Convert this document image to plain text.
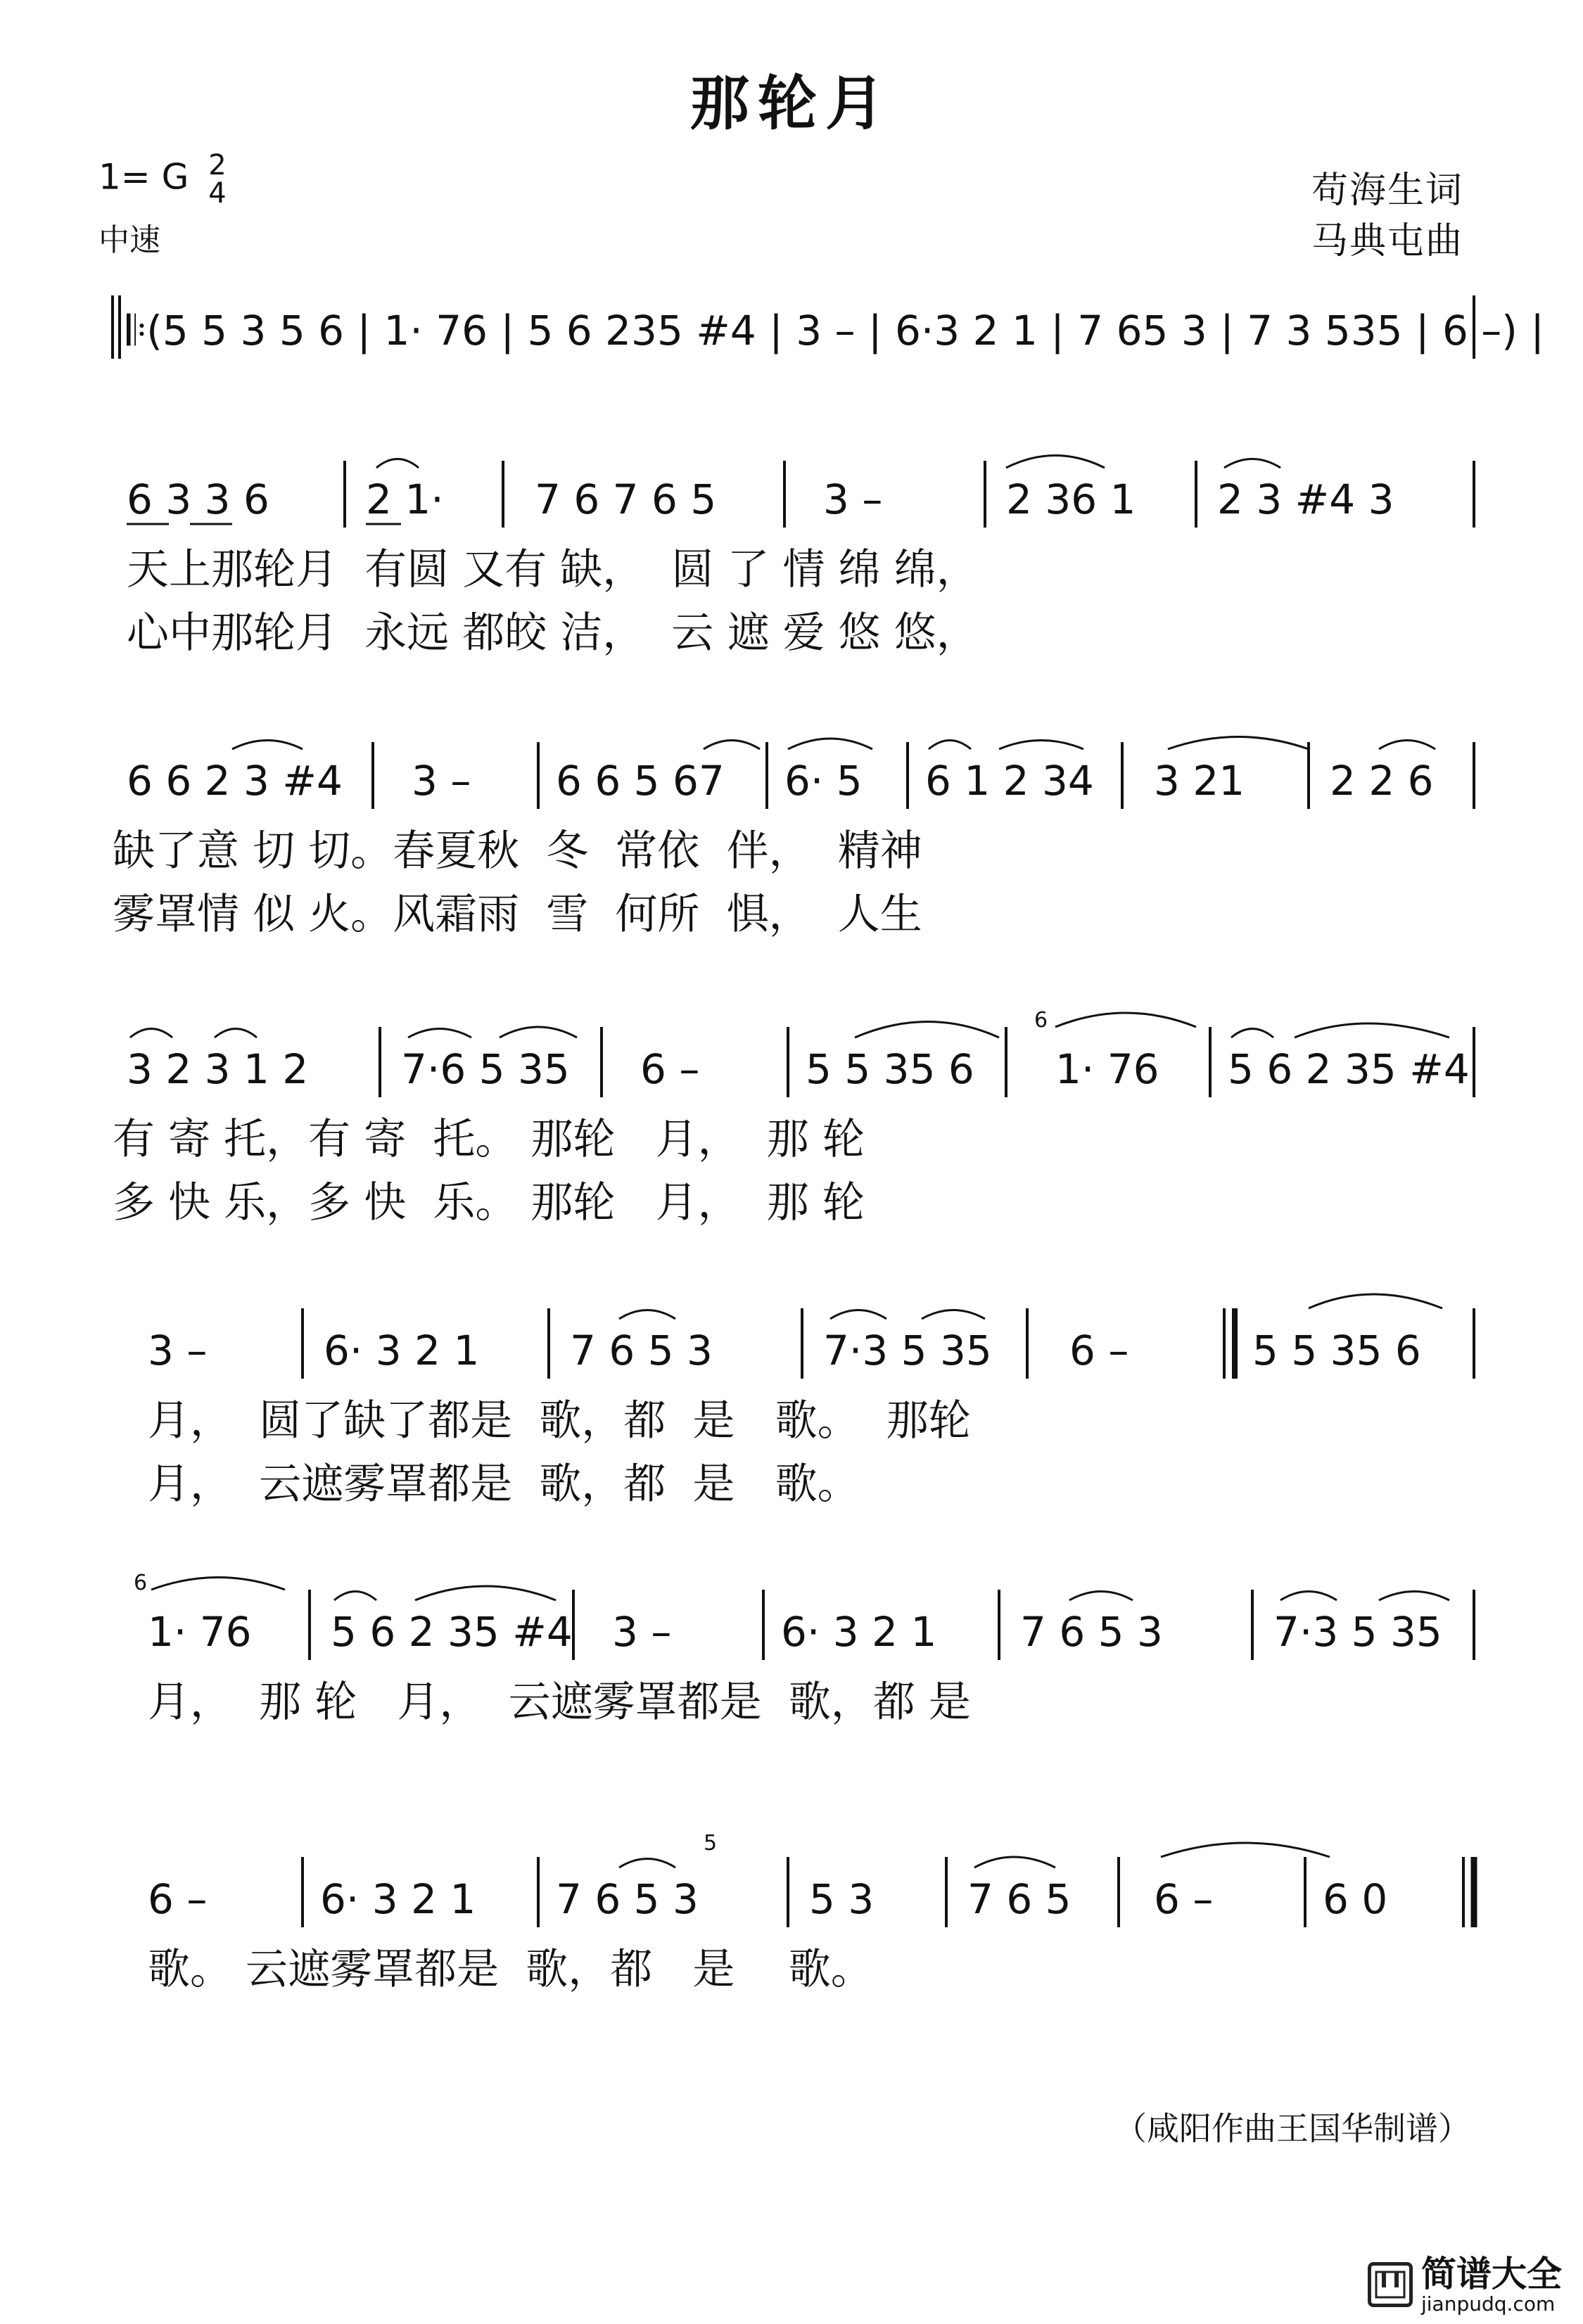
那轮月
1= G 2
4
中速
苟海生词
马典屯曲
𝄆(5 5 3 5 6 | 1· 76 | 5 6 235 #4 | 3 – | 6·3 2 1 | 7 65 3 | 7 3 535 | 6 –) |
6 3 3 6 2 1· 7 6 7 6 5	3 –	2 36 1 2 3 #4 3
天上那轮月  有圆 又有 缺，  圆 了 情 绵 绵，
心中那轮月  永远 都皎 洁，  云 遮 爱 悠 悠，
6 6 2 3 #4 3 – 6 6 5 67 6· 5 6 1 2 34 3 21 2 2 6
缺了意 切 切。春夏秋  冬  常依  伴，  精神
雾罩情 似 火。风霜雨  雪  何所  惧，  人生
3 2 3 1 2 7·6 5 35 6 –	5 5 35 6
6
1· 76 5 6 2 35 #4
有 寄 托，有 寄  托。 那轮   月，  那 轮
多 快 乐，多 快  乐。 那轮   月，  那 轮
3 –	6· 3 2 1 7 6 5 3	7·3 5 35 6 –	5 5 35 6
月，  圆了缺了都是  歌，都  是   歌。  那轮
月，  云遮雾罩都是  歌，都  是   歌。
6
1· 76 5 6 2 35 #4 3 –	6· 3 2 1 7 6 5 3	7·3 5 35
月，  那 轮   月，  云遮雾罩都是  歌，都 是
6 –	6· 3 2 1 7 6 5 3
5
5 3 7 6 5 6 –	6 0
歌。 云遮雾罩都是  歌，都   是    歌。
（咸阳作曲王国华制谱）
简谱大全
jianpudq.com
